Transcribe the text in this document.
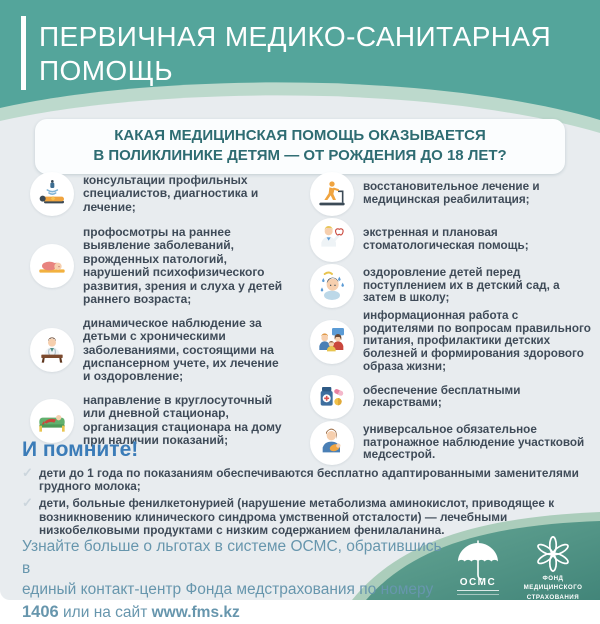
ПЕРВИЧНАЯ МЕДИКО-САНИТАРНАЯ
ПОМОЩЬ
КАКАЯ МЕДИЦИНСКАЯ ПОМОЩЬ ОКАЗЫВАЕТСЯ
В ПОЛИКЛИНИКЕ ДЕТЯМ — ОТ РОЖДЕНИЯ ДО 18 ЛЕТ?
консультации профильных специалистов, диагностика и лечение;
профосмотры на раннее выявление заболеваний, врожденных патологий, нарушений психофизического развития, зрения и слуха у детей раннего возраста;
динамическое наблюдение за детьми с хроническими заболеваниями, состоящими на диспансерном учете, их лечение и оздоровление;
направление в круглосуточный или дневной стационар, организация стационара на дому при наличии показаний;
восстановительное лечение и медицинская реабилитация;
экстренная и плановая стоматологическая помощь;
оздоровление детей перед поступлением их в детский сад, а затем в школу;
информационная работа с родителями по вопросам правильного питания, профилактики детских болезней и формирования здорового образа жизни;
обеспечение бесплатными лекарствами;
универсальное обязательное патронажное наблюдение участковой медсестрой.
И помните!
✓ дети до 1 года по показаниям обеспечиваются бесплатно адаптированными заменителями грудного молока;
✓ дети, больные фенилкетонурией (нарушение метаболизма аминокислот, приводящее к возникновению клинического синдрома умственной отсталости) — лечебными низкобелковыми продуктами с низким содержанием фенилаланина.
Узнайте больше о льготах в системе ОСМС, обратившись в
единый контакт-центр Фонда медстрахования по номеру
1406 или на сайт www.fms.kz
ОСМС	ФОНД
МЕДИЦИНСКОГО
СТРАХОВАНИЯ
